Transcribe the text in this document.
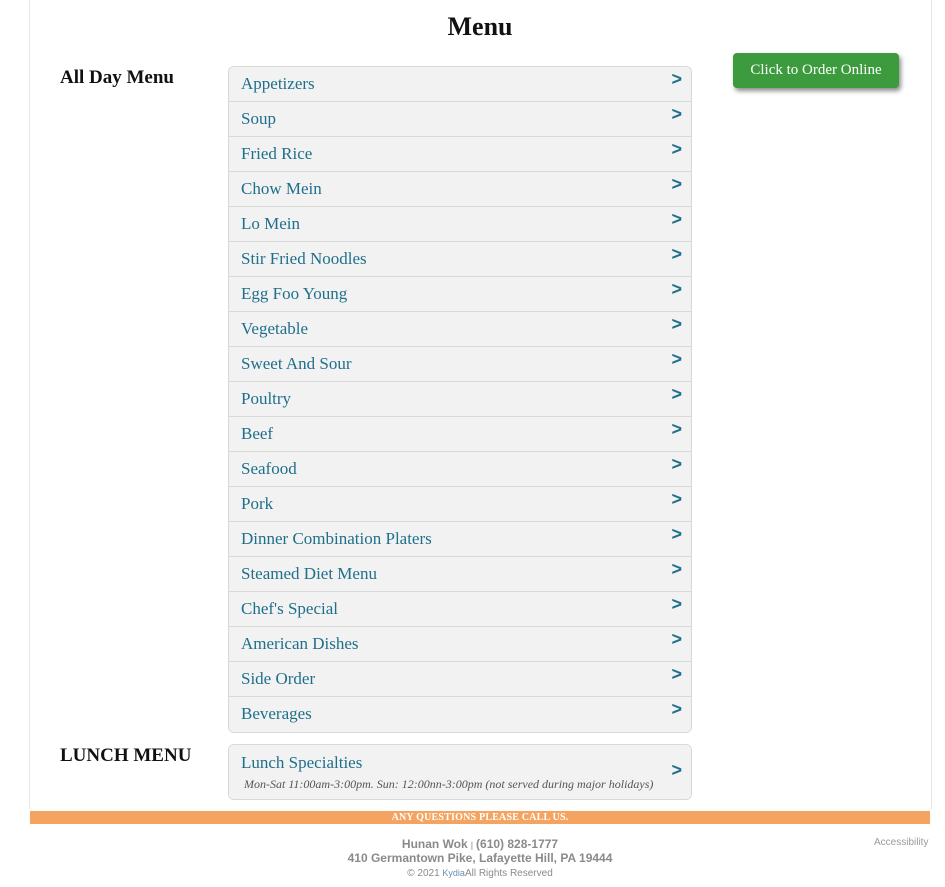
Menu
All Day Menu	Appetizers	>
Soup	>
Fried Rice	>
Chow Mein	>
Lo Mein	>
Stir Fried Noodles	>
Egg Foo Young	>
Vegetable	>
Sweet And Sour	>
Poultry	>
Beef	>
Seafood	>
Pork	>
Dinner Combination Platers	>
Steamed Diet Menu	>
Chef's Special	>
American Dishes	>
Side Order	>
Beverages	>
Click to Order Online
LUNCH MENU	Lunch Specialties
Mon-Sat 11:00am-3:00pm. Sun: 12:00nn-3:00pm (not served during major holidays)
>
ANY QUESTIONS PLEASE CALL US.
Hunan Wok | (610) 828-1777
410 Germantown Pike, Lafayette Hill, PA 19444
© 2021 KydiaAll Rights Reserved
Accessibility
